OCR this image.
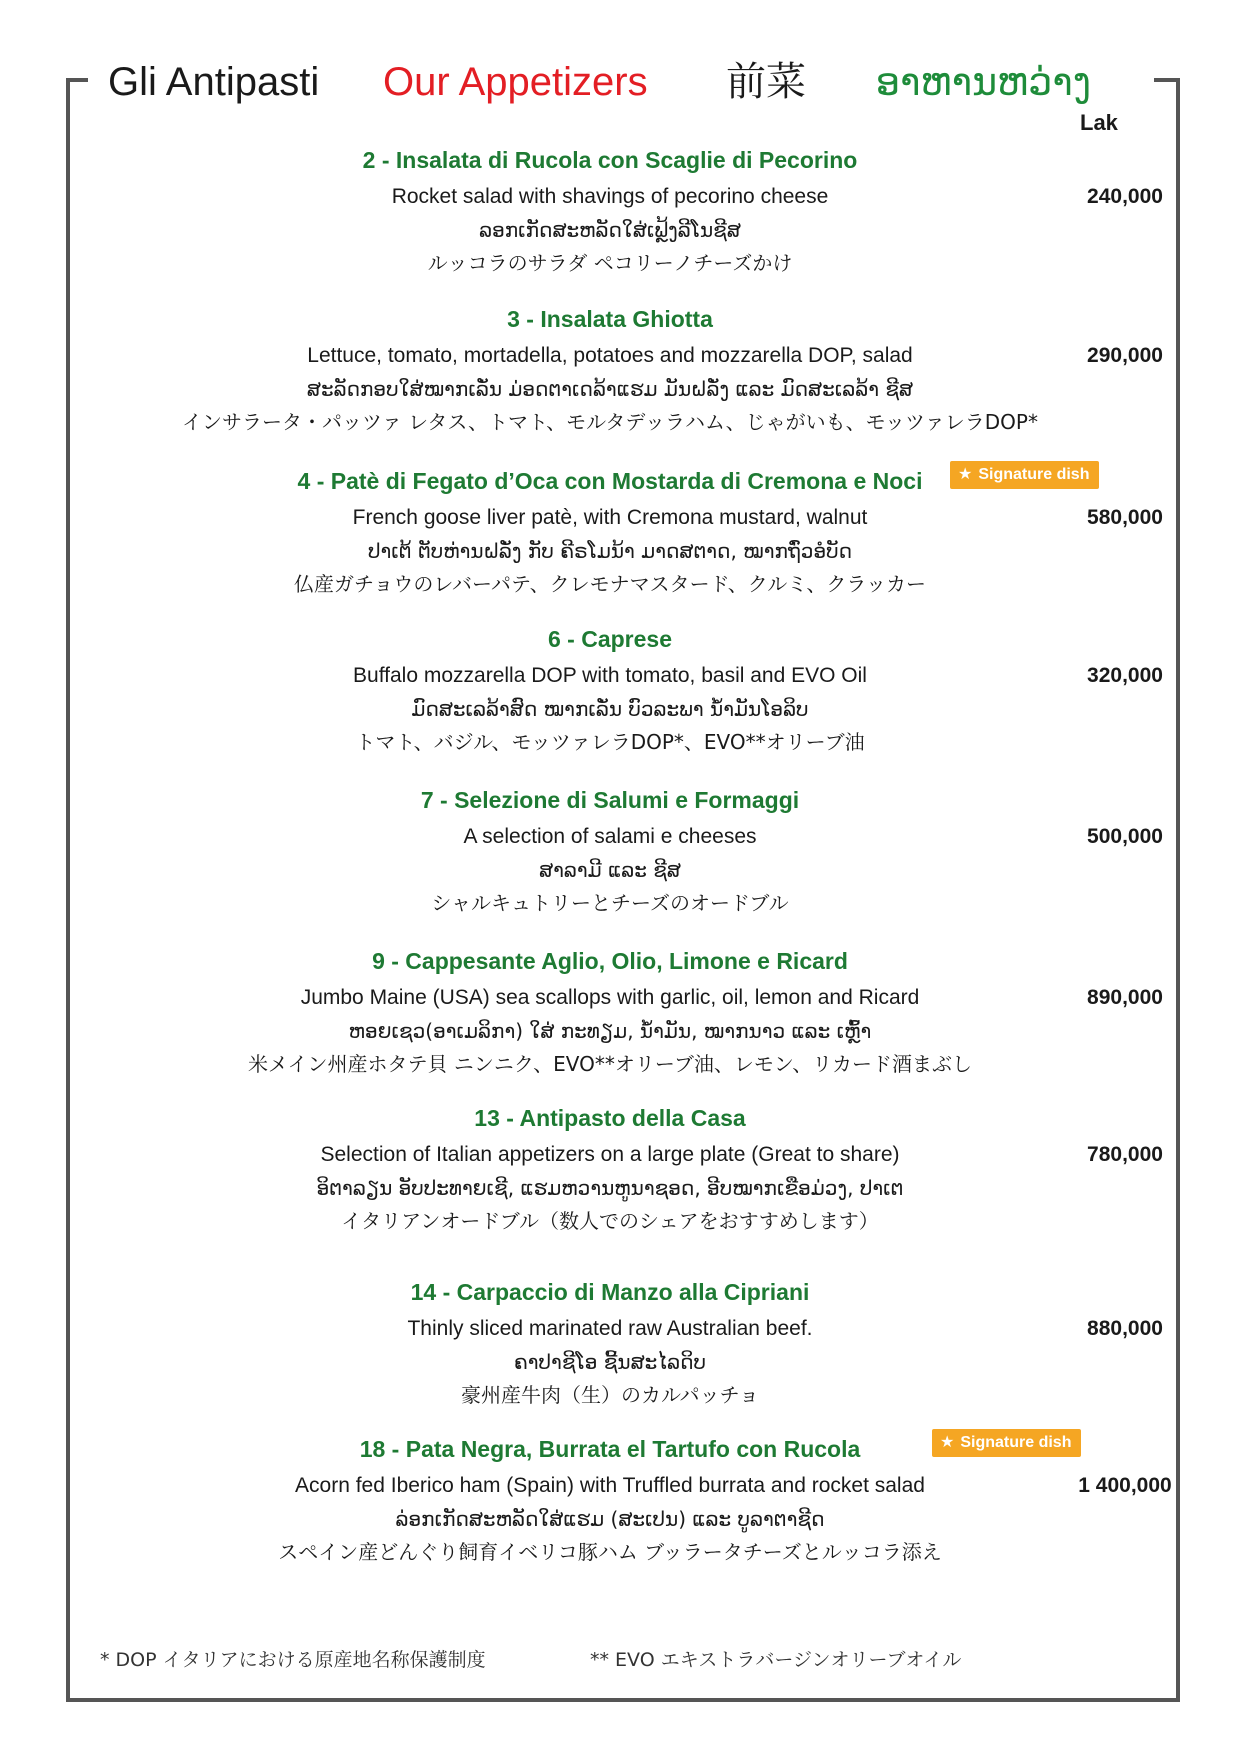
Gli Antipasti Our Appetizers 前菜 ອາຫານຫວ່າງ
Lak
2 - Insalata di Rucola con Scaglie di Pecorino
Rocket salad with shavings of pecorino cheese
ລອກເກັດສະຫລັດໃສ່ເຟຼ້ງລີໂນຊີສ
ルッコラのサラダ ペコリーノチーズかけ
240,000
3 - Insalata Ghiotta
Lettuce, tomato, mortadella, potatoes and mozzarella DOP, salad
ສະລັດກອບໃສ່ໝາກເລັ່ນ ມ່ອດຕາເດລ້າແຮມ ມັນຝລັ່ງ ແລະ ມົດສະເລລ້າ ຊີສ
インサラータ・パッツァ レタス、トマト、モルタデッラハム、じゃがいも、モッツァレラDOP*
290,000
4 - Patè di Fegato d’Oca con Mostarda di Cremona e Noci	★ Signature dish
French goose liver patè, with Cremona mustard, walnut
ປາເຕ້ ຕັບຫ່ານຝລັ່ງ ກັບ ຄີຣໂມນ້າ ມາດສຕາດ, ໝາກຖົ່ວອໍບັດ
仏産ガチョウのレバーパテ、クレモナマスタード、クルミ、クラッカー
580,000
6 - Caprese
Buffalo mozzarella DOP with tomato, basil and EVO Oil
ມົດສະເລລ້າສົດ ໝາກເລັ່ນ ບົວລະພາ ນ້ຳມັນໂອລິບ
トマト、バジル、モッツァレラDOP*、EVO**オリーブ油
320,000
7 - Selezione di Salumi e Formaggi
A selection of salami e cheeses
ສາລາມີ ແລະ ຊີສ
シャルキュトリーとチーズのオードブル
500,000
9 - Cappesante Aglio, Olio, Limone e Ricard
Jumbo Maine (USA) sea scallops with garlic, oil, lemon and Ricard
ຫອຍເຊວ(ອາເມລິກາ) ໃສ່ ກະທຽມ, ນ້ຳມັນ, ໝາກນາວ ແລະ ເຫຼົ້າ
米メイン州産ホタテ貝 ニンニク、EVO**オリーブ油、レモン、リカード酒まぶし
890,000
13 - Antipasto della Casa
Selection of Italian appetizers on a large plate (Great to share)
ອິຕາລຽນ ອັບປະທາຍເຊີ, ແຮມຫວານຫູນາຊອດ, ອີບໝາກເຂືອມ່ວງ, ປາເຕ
イタリアンオードブル（数人でのシェアをおすすめします）
780,000
14 - Carpaccio di Manzo alla Cipriani
Thinly sliced marinated raw Australian beef.
ຄາປາຊີໂອ ຊີ້ນສະໄລດິບ
豪州産牛肉（生）のカルパッチョ
880,000
18 - Pata Negra, Burrata el Tartufo con Rucola	★ Signature dish
Acorn fed Iberico ham (Spain) with Truffled burrata and rocket salad
ລ່ອກເກັດສະຫລັດໃສ່ແຮມ (ສະເປນ) ແລະ ບູລາຕາຊີດ
スペイン産どんぐり飼育イベリコ豚ハム ブッラータチーズとルッコラ添え
1 400,000
* DOP イタリアにおける原産地名称保護制度	** EVO エキストラバージンオリーブオイル
